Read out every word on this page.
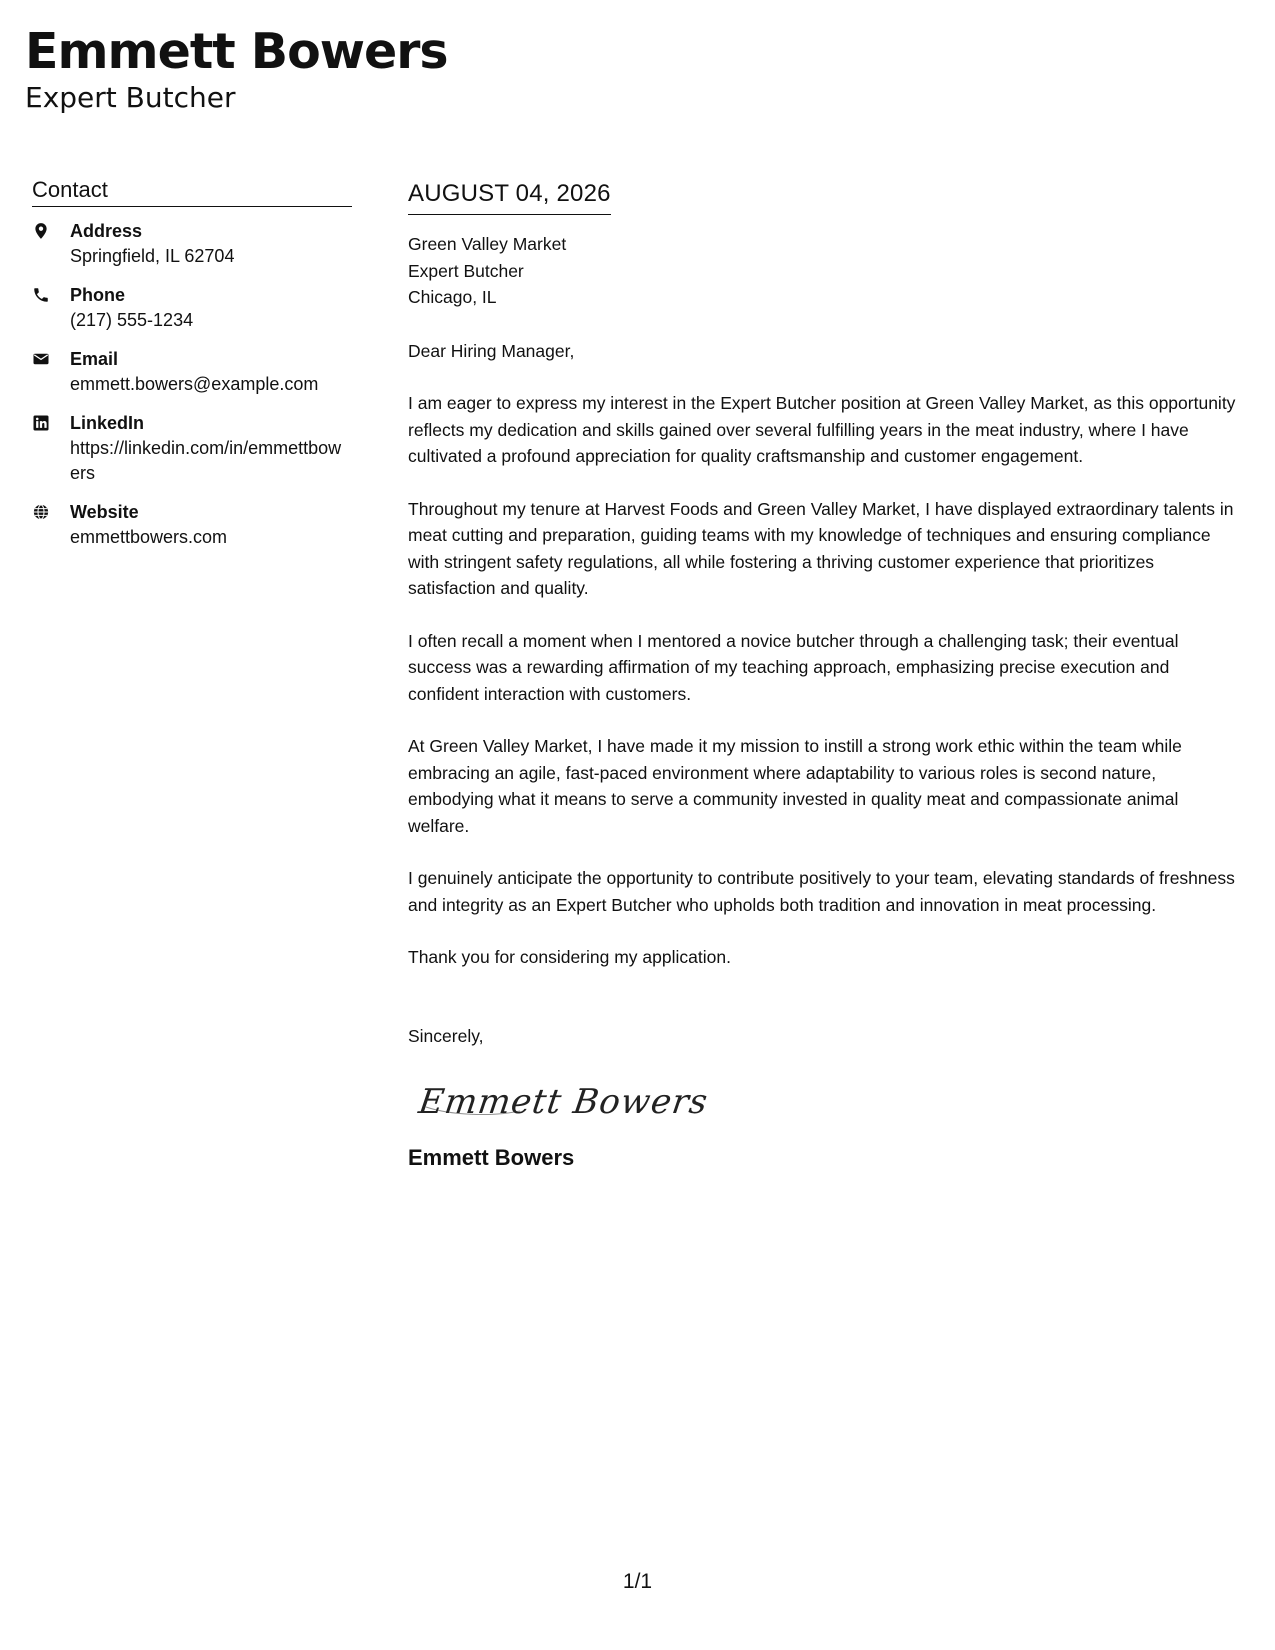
Emmett Bowers
Expert Butcher
Contact
Address
Springfield, IL 62704
Phone
(217) 555-1234
Email
emmett.bowers@example.com
LinkedIn
https://linkedin.com/in/emmettbowers
Website
emmettbowers.com
AUGUST 04, 2026
Green Valley Market
Expert Butcher
Chicago, IL
Dear Hiring Manager,
I am eager to express my interest in the Expert Butcher position at Green Valley Market, as this opportunity reflects my dedication and skills gained over several fulfilling years in the meat industry, where I have cultivated a profound appreciation for quality craftsmanship and customer engagement.
Throughout my tenure at Harvest Foods and Green Valley Market, I have displayed extraordinary talents in meat cutting and preparation, guiding teams with my knowledge of techniques and ensuring compliance with stringent safety regulations, all while fostering a thriving customer experience that prioritizes satisfaction and quality.
I often recall a moment when I mentored a novice butcher through a challenging task; their eventual success was a rewarding affirmation of my teaching approach, emphasizing precise execution and confident interaction with customers.
At Green Valley Market, I have made it my mission to instill a strong work ethic within the team while embracing an agile, fast-paced environment where adaptability to various roles is second nature, embodying what it means to serve a community invested in quality meat and compassionate animal welfare.
I genuinely anticipate the opportunity to contribute positively to your team, elevating standards of freshness and integrity as an Expert Butcher who upholds both tradition and innovation in meat processing.
Thank you for considering my application.
Sincerely,
Emmett Bowers
Emmett Bowers
1/1
